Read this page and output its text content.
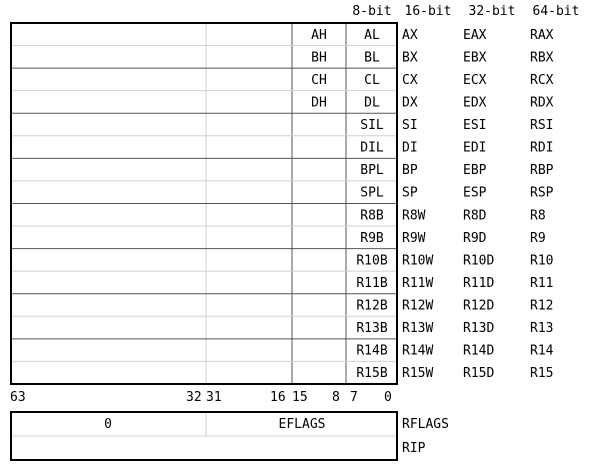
8-bit 16-bit 32-bit 64-bit
AH	AL AX	EAX	RAX
BH	BL BX	EBX	RBX
CH	CL CX	ECX	RCX
DH	DL DX	EDX	RDX
SIL SI	ESI	RSI
DIL DI	EDI	RDI
BPL BP	EBP	RBP
SPL SP	ESP	RSP
R8B R8W	R8D	R8
R9B R9W	R9D	R9
R10B R10W R10D	R10
R11B R11W R11D	R11
R12B R12W R12D	R12
R13B R13W R13D	R13
R14B R14W R14D	R14
R15B R15W R15D	R15
63	32 31	16 15 8 7 0
0	EFLAGS	RFLAGS
RIP
